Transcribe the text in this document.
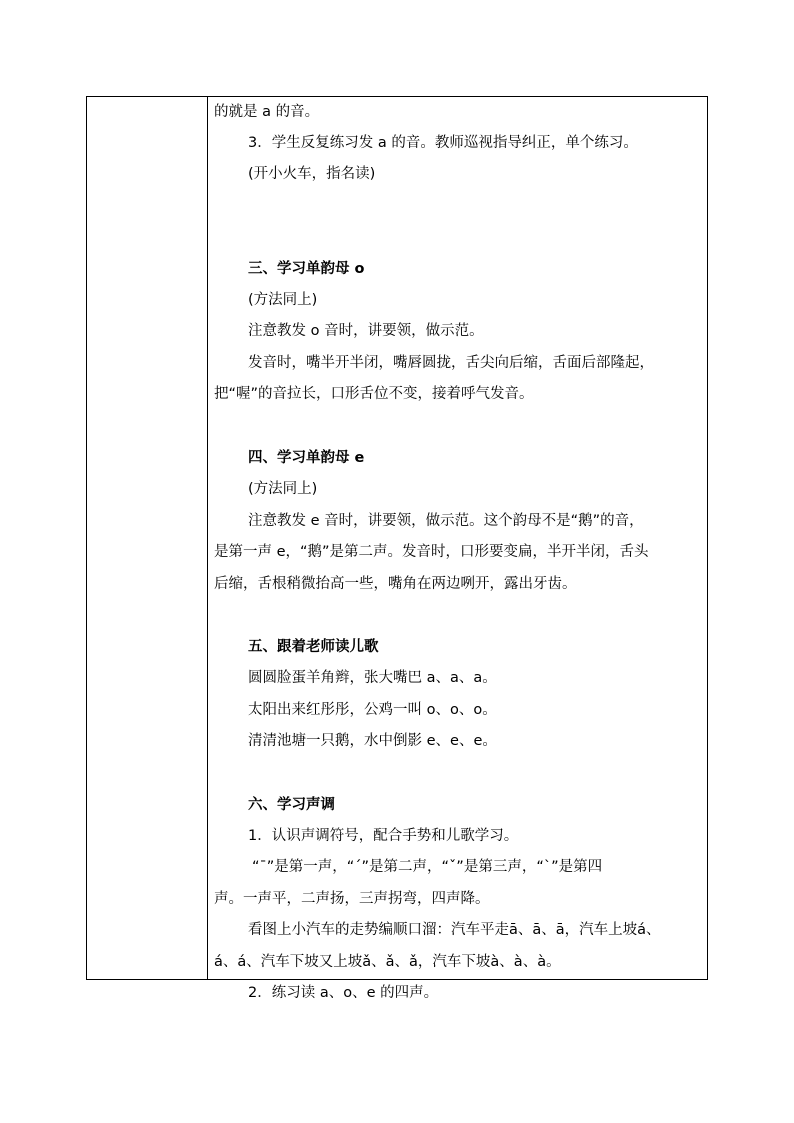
的就是 a 的音。
3．学生反复练习发 a 的音。教师巡视指导纠正，单个练习。
(开小火车，指名读)
三、学习单韵母 o
(方法同上)
注意教发 o 音时，讲要领，做示范。
发音时，嘴半开半闭，嘴唇圆拢，舌尖向后缩，舌面后部隆起，
把“喔”的音拉长，口形舌位不变，接着呼气发音。
四、学习单韵母 e
(方法同上)
注意教发 e 音时，讲要领，做示范。这个韵母不是“鹅”的音，
是第一声 e，“鹅”是第二声。发音时，口形要变扁，半开半闭，舌头
后缩，舌根稍微抬高一些，嘴角在两边咧开，露出牙齿。
五、跟着老师读儿歌
圆圆脸蛋羊角辫，张大嘴巴 a、a、a。
太阳出来红彤彤，公鸡一叫 o、o、o。
清清池塘一只鹅，水中倒影 e、e、e。
六、学习声调
1．认识声调符号，配合手势和儿歌学习。
“ˉ”是第一声，“ˊ”是第二声，“ˇ”是第三声，“ˋ”是第四
声。一声平，二声扬，三声拐弯，四声降。
看图上小汽车的走势编顺口溜：汽车平走ā、ā、ā，汽车上坡á、
á、á、汽车下坡又上坡ǎ、ǎ、ǎ，汽车下坡à、à、à。
2．练习读 a、o、e 的四声。
